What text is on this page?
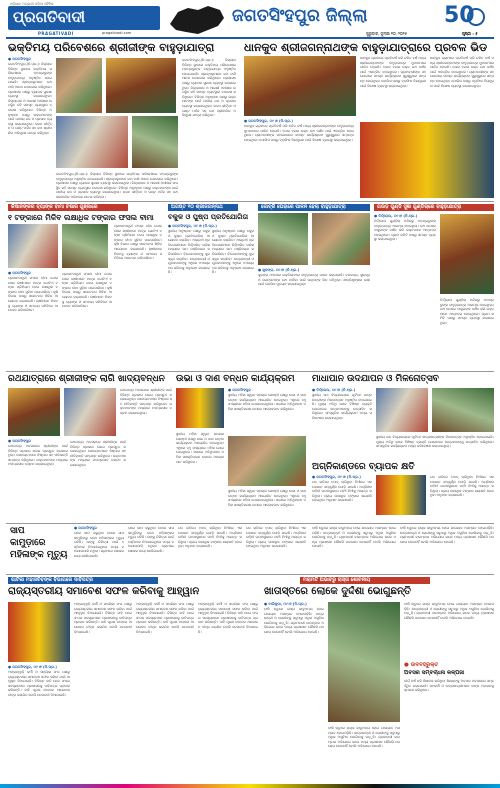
ଓଡ଼ିଶାର ଅଗ୍ରଣୀ ଓଡ଼ିଆ ଦୈନିକ
ପ୍ରଗତିବାଦୀ
PRAGATIVADI	pragativadi.com
ଜଗତସିଂହପୁର ଜିଲ୍ଲା	50
ଗୁରୁବାର, ଜୁଲାଇ ୧୦, ୨୦୨୫	ପୃଷ୍ଠା : ୫
ଭକ୍ତିମୟ ପରିବେଶରେ ଶ୍ରୀଜୀଙ୍କ ବାହୁଡ଼ାଯାତ୍ରା
● ଜଗତସିଂହପୁର
ଜଗତସିଂହପୁର,(ନି.ପ୍ର.): ଜିଲ୍ଲାର ବିଭିନ୍ନ ସ୍ଥାନରେ ଭକ୍ତିମୟ ପରିବେଶରେ ମହାପ୍ରଭୁଙ୍କ ବାହୁଡ଼ାଯାତ୍ରା ଅନୁଷ୍ଠିତ ହୋଇଯାଇଛି। ଶ୍ରଦ୍ଧାଳୁମାନେ ରଥ ଟାଣି ଆନନ୍ଦ ଉପଭୋଗ କରିଥିଲେ। ପ୍ରଶାସନ ପକ୍ଷରୁ ବ୍ୟାପକ ସୁରକ୍ଷା ବ୍ୟବସ୍ଥା କରାଯାଇଥିଲା। ଜିଲ୍ଲାପାଳ ଓ ଆରକ୍ଷୀ ଅଧୀକ୍ଷକ ଉପସ୍ଥିତ ରହି ସମସ୍ତ ବ୍ୟବସ୍ଥାର ତଦାରଖ କରିଥିଲେ। ବିଭିନ୍ନ ଅନୁଷ୍ଠାନ ପକ୍ଷରୁ ଭକ୍ତମାନଙ୍କ ପାଇଁ ପାନୀୟ ଜଳ ଓ ପ୍ରସାଦ ବ୍ୟବସ୍ଥା କରାଯାଇଥିଲା। ଭଜନ କୀର୍ତ୍ତନ ଓ ଘଣ୍ଟ ମର୍ଦ୍ଦଳ ସହ ରଥ ଶ୍ରୀମନ୍ଦିର ଅଭିମୁଖେ ଯାତ୍ରା କରିଥିଲା।
ଜଗତସିଂହପୁର,(ନି.ପ୍ର.): ଜିଲ୍ଲାର ବିଭିନ୍ନ ସ୍ଥାନରେ ଭକ୍ତିମୟ ପରିବେଶରେ ମହାପ୍ରଭୁଙ୍କ ବାହୁଡ଼ାଯାତ୍ରା ଅନୁଷ୍ଠିତ ହୋଇଯାଇଛି। ଶ୍ରଦ୍ଧାଳୁମାନେ ରଥ ଟାଣି ଆନନ୍ଦ ଉପଭୋଗ କରିଥିଲେ। ପ୍ରଶାସନ ପକ୍ଷରୁ ବ୍ୟାପକ ସୁରକ୍ଷା ବ୍ୟବସ୍ଥା କରାଯାଇଥିଲା। ଜିଲ୍ଲାପାଳ ଓ ଆରକ୍ଷୀ ଅଧୀକ୍ଷକ ଉପସ୍ଥିତ ରହି ସମସ୍ତ ବ୍ୟବସ୍ଥାର ତଦାରଖ କରିଥିଲେ। ବିଭିନ୍ନ ଅନୁଷ୍ଠାନ ପକ୍ଷରୁ ଭକ୍ତମାନଙ୍କ ପାଇଁ ପାନୀୟ ଜଳ ଓ ପ୍ରସାଦ ବ୍ୟବସ୍ଥା କରାଯାଇଥିଲା। ଭଜନ କୀର୍ତ୍ତନ ଓ ଘଣ୍ଟ ମର୍ଦ୍ଦଳ ସହ ରଥ ଶ୍ରୀମନ୍ଦିର ଅଭିମୁଖେ ଯାତ୍ରା କରିଥିଲା।
ଜଗତସିଂହପୁର,(ନି.ପ୍ର.): ଜିଲ୍ଲାର ବିଭିନ୍ନ ସ୍ଥାନରେ ଭକ୍ତିମୟ ପରିବେଶରେ ମହାପ୍ରଭୁଙ୍କ ବାହୁଡ଼ାଯାତ୍ରା ଅନୁଷ୍ଠିତ ହୋଇଯାଇଛି। ଶ୍ରଦ୍ଧାଳୁମାନେ ରଥ ଟାଣି ଆନନ୍ଦ ଉପଭୋଗ କରିଥିଲେ। ପ୍ରଶାସନ ପକ୍ଷରୁ ବ୍ୟାପକ ସୁରକ୍ଷା ବ୍ୟବସ୍ଥା କରାଯାଇଥିଲା। ଜିଲ୍ଲାପାଳ ଓ ଆରକ୍ଷୀ ଅଧୀକ୍ଷକ ଉପସ୍ଥିତ ରହି ସମସ୍ତ ବ୍ୟବସ୍ଥାର ତଦାରଖ କରିଥିଲେ। ବିଭିନ୍ନ ଅନୁଷ୍ଠାନ ପକ୍ଷରୁ ଭକ୍ତମାନଙ୍କ ପାଇଁ ପାନୀୟ ଜଳ ଓ ପ୍ରସାଦ ବ୍ୟବସ୍ଥା କରାଯାଇଥିଲା। ଭଜନ କୀର୍ତ୍ତନ ଓ ଘଣ୍ଟ ମର୍ଦ୍ଦଳ ସହ ରଥ ଶ୍ରୀମନ୍ଦିର ଅଭିମୁଖେ ଯାତ୍ରା କରିଥିଲା।
ଧାନକୁଦ ଶ୍ରୀଜଗନ୍ନାଥଙ୍କ ବାହୁଡ଼ାଯାତ୍ରାରେ ପ୍ରବଳ ଭିଡ
ଧାନକୁଦ ଗ୍ରାମରେ ପ୍ରତିବର୍ଷ ପରି ଚଳିତ ବର୍ଷ ମଧ୍ୟ ଶ୍ରୀଜଗନ୍ନାଥଙ୍କ ବାହୁଡ଼ାଯାତ୍ରା ଧୁମଧାମରେ ପାଳିତ ହୋଇଛି। ହଜାର ହଜାର ଭକ୍ତ ରଥ ଦର୍ଶନ ପାଇଁ ଏକତ୍ରିତ ହୋଇଥିଲେ। ଗ୍ରାମବାସୀଙ୍କ ସହଯୋଗରେ ସମସ୍ତ କାର୍ଯ୍ୟକ୍ରମ ସୁରୁଖୁରୁରେ ସମ୍ପନ୍ନ ହୋଇଥିଲା। ପୋଲିସ ପକ୍ଷରୁ ଟ୍ରାଫିକ ନିୟନ୍ତ୍ରଣ ପାଇଁ ବିଶେଷ ବ୍ୟବସ୍ଥା କରାଯାଇଥିଲା।
ଧାନକୁଦ ଗ୍ରାମରେ ପ୍ରତିବର୍ଷ ପରି ଚଳିତ ବର୍ଷ ମଧ୍ୟ ଶ୍ରୀଜଗନ୍ନାଥଙ୍କ ବାହୁଡ଼ାଯାତ୍ରା ଧୁମଧାମରେ ପାଳିତ ହୋଇଛି। ହଜାର ହଜାର ଭକ୍ତ ରଥ ଦର୍ଶନ ପାଇଁ ଏକତ୍ରିତ ହୋଇଥିଲେ। ଗ୍ରାମବାସୀଙ୍କ ସହଯୋଗରେ ସମସ୍ତ କାର୍ଯ୍ୟକ୍ରମ ସୁରୁଖୁରୁରେ ସମ୍ପନ୍ନ ହୋଇଥିଲା। ପୋଲିସ ପକ୍ଷରୁ ଟ୍ରାଫିକ ନିୟନ୍ତ୍ରଣ ପାଇଁ ବିଶେଷ ବ୍ୟବସ୍ଥା କରାଯାଇଥିଲା।
● ଜଗତସିଂହପୁର, ୦୯।୭ (ନି.ପ୍ର.)
ଧାନକୁଦ ଗ୍ରାମରେ ପ୍ରତିବର୍ଷ ପରି ଚଳିତ ବର୍ଷ ମଧ୍ୟ ଶ୍ରୀଜଗନ୍ନାଥଙ୍କ ବାହୁଡ଼ାଯାତ୍ରା ଧୁମଧାମରେ ପାଳିତ ହୋଇଛି। ହଜାର ହଜାର ଭକ୍ତ ରଥ ଦର୍ଶନ ପାଇଁ ଏକତ୍ରିତ ହୋଇଥିଲେ। ଗ୍ରାମବାସୀଙ୍କ ସହଯୋଗରେ ସମସ୍ତ କାର୍ଯ୍ୟକ୍ରମ ସୁରୁଖୁରୁରେ ସମ୍ପନ୍ନ ହୋଇଥିଲା। ପୋଲିସ ପକ୍ଷରୁ ଟ୍ରାଫିକ ନିୟନ୍ତ୍ରଣ ପାଇଁ ବିଶେଷ ବ୍ୟବସ୍ଥା କରାଯାଇଥିଲା।
କିଷାନଙ୍କର ବ୍ୟାଙ୍କ ବାମା ଚଷାର ଗୁଞ୍ଜାରେ
୧ ଟଙ୍କାରେ ମିଳିବ ଲକ୍ଷାଧିକ ଟଙ୍କାର ଫସଲ ବୀମା
● ଜଗତସିଂହପୁର
ପ୍ରଧାନମନ୍ତ୍ରୀ ଫସଲ ବୀମା ଯୋଜନାରେ ଚାଷୀମାନେ ମାତ୍ର ଗୋଟିଏ ଟଙ୍କା ପ୍ରିମିୟମ ଦେଇ ଲକ୍ଷାଧିକ ଟଙ୍କାର ବୀମା ସୁବିଧା ପାଇପାରିବେ। କୃଷି ବିଭାଗ ପକ୍ଷରୁ ସଚେତନତା ଶିବିର ଆୟୋଜନ କରାଯାଉଛି। ଚାଷୀମାନେ ନିକଟସ୍ଥ ବ୍ୟାଙ୍କ ଓ ସମବାୟ ସମିତିରେ ଆବେଦନ କରିପାରିବେ।
ପ୍ରଧାନମନ୍ତ୍ରୀ ଫସଲ ବୀମା ଯୋଜନାରେ ଚାଷୀମାନେ ମାତ୍ର ଗୋଟିଏ ଟଙ୍କା ପ୍ରିମିୟମ ଦେଇ ଲକ୍ଷାଧିକ ଟଙ୍କାର ବୀମା ସୁବିଧା ପାଇପାରିବେ। କୃଷି ବିଭାଗ ପକ୍ଷରୁ ସଚେତନତା ଶିବିର ଆୟୋଜନ କରାଯାଉଛି। ଚାଷୀମାନେ ନିକଟସ୍ଥ ବ୍ୟାଙ୍କ ଓ ସମବାୟ ସମିତିରେ ଆବେଦନ କରିପାରିବେ।
ପ୍ରଧାନମନ୍ତ୍ରୀ ଫସଲ ବୀମା ଯୋଜନାରେ ଚାଷୀମାନେ ମାତ୍ର ଗୋଟିଏ ଟଙ୍କା ପ୍ରିମିୟମ ଦେଇ ଲକ୍ଷାଧିକ ଟଙ୍କାର ବୀମା ସୁବିଧା ପାଇପାରିବେ। କୃଷି ବିଭାଗ ପକ୍ଷରୁ ସଚେତନତା ଶିବିର ଆୟୋଜନ କରାଯାଉଛି। ଚାଷୀମାନେ ନିକଟସ୍ଥ ବ୍ୟାଙ୍କ ଓ ସମବାୟ ସମିତିରେ ଆବେଦନ କରିପାରିବେ।
ଅଗଷ୍ଟ ୧୦ ଶ୍ରୀଜଗନ୍ନାଥ
ବକୁଳ ଓ ପୁଷ୍ପ ପ୍ରତିଯୋଗିତା
● ଜଗତସିଂହପୁର, ୦୯।୭ (ନି.ପ୍ର.)
ସ୍ଥାନୀୟ ଅନୁଷ୍ଠାନ ପକ୍ଷରୁ ବକୁଳ ଓ ପୁଷ୍ପ ପ୍ରତିଯୋଗିତା ଆୟୋଜନ କରାଯିବ। ଆଗ୍ରହୀ ପ୍ରତିଯୋଗୀମାନେ ନିର୍ଦ୍ଧାରିତ ତାରିଖ ମଧ୍ୟରେ ନାମ ପଞ୍ଜିକରଣ କରିପାରିବେ। ବିଜେତାମାନଙ୍କୁ ପୁରସ୍କୃତ କରାଯିବ। ଛାତ୍ରଛାତ୍ରୀ ଓ ଯୁବକମାନଙ୍କୁ ଏଥିରେ ଅଂଶଗ୍ରହଣ କରିବାକୁ ଅନୁରୋଧ କରାଯାଇଛି।
ସ୍ଥାନୀୟ ଅନୁଷ୍ଠାନ ପକ୍ଷରୁ ବକୁଳ ଓ ପୁଷ୍ପ ପ୍ରତିଯୋଗିତା ଆୟୋଜନ କରାଯିବ। ଆଗ୍ରହୀ ପ୍ରତିଯୋଗୀମାନେ ନିର୍ଦ୍ଧାରିତ ତାରିଖ ମଧ୍ୟରେ ନାମ ପଞ୍ଜିକରଣ କରିପାରିବେ। ବିଜେତାମାନଙ୍କୁ ପୁରସ୍କୃତ କରାଯିବ। ଛାତ୍ରଛାତ୍ରୀ ଓ ଯୁବକମାନଙ୍କୁ ଏଥିରେ ଅଂଶଗ୍ରହଣ କରିବାକୁ ଅନୁରୋଧ କରାଯାଇଛି।
ଜୋବ୍ରି ଘେରାରେ ପାଳନ ହେଲା ବାହୁଡ଼ାଯାତ୍ରା
● କୁଜଙ୍ଗ, ୦୯।୭ (ନି.ପ୍ର.)
କୁଜଙ୍ଗ ଅଞ୍ଚଳରେ ଭକ୍ତିଭାବରେ ବାହୁଡ଼ାଯାତ୍ରା ପାଳନ କରାଯାଇଛି। ବଳଭଦ୍ର, ସୁଭଦ୍ରା ଓ ଜଗନ୍ନାଥଙ୍କ ରଥ ଟାଣିବା ପାଇଁ ଭକ୍ତଙ୍କ ଭିଡ ଜମିଥିଲା। ଶାନ୍ତିଶୃଙ୍ଖଳା ରକ୍ଷା ପାଇଁ ପୋଲିସ ମୁତୟନ କରାଯାଇଥିଲା।
ଗଉଡ଼ ଗୁଣ୍ଡି ସୁଜ୍ଞା ଗୁଣ୍ଡିଚାରେ ବାହୁଡ଼ାଯାତ୍ରା
● ତିର୍ତ୍ତୋଲ, ୦୯।୭ (ନି.ପ୍ର.)
ତିର୍ତ୍ତୋଲ ଗୁଣ୍ଡିଚା ମନ୍ଦିରରୁ ମହାପ୍ରଭୁଙ୍କ ବାହୁଡ଼ାଯାତ୍ରା ଆରମ୍ଭ ହୋଇଥିଲା। ରଥ ଉପରେ ଠାକୁରଙ୍କ ଦର୍ଶନ କରି ଭକ୍ତମାନେ ଆତ୍ମହରା ହୋଇଥିଲେ। ଗ୍ରାମ କମିଟି ପକ୍ଷରୁ ସମସ୍ତ ବ୍ୟବସ୍ଥା କରାଯାଇଥିଲା।
ତିର୍ତ୍ତୋଲ ଗୁଣ୍ଡିଚା ମନ୍ଦିରରୁ ମହାପ୍ରଭୁଙ୍କ ବାହୁଡ଼ାଯାତ୍ରା ଆରମ୍ଭ ହୋଇଥିଲା। ରଥ ଉପରେ ଠାକୁରଙ୍କ ଦର୍ଶନ କରି ଭକ୍ତମାନେ ଆତ୍ମହରା ହୋଇଥିଲେ। ଗ୍ରାମ କମିଟି ପକ୍ଷରୁ ସମସ୍ତ ବ୍ୟବସ୍ଥା କରାଯାଇଥିଲା।
ରଥଯାତ୍ରାରେ ଶ୍ରୀଜୀଙ୍କ ଲାଗି ଖାଦ୍ୟବନ୍ଧନ
● ଜଗତସିଂହପୁର
ରଥଯାତ୍ରା ଅବସରରେ ଶ୍ରୀଜୀଙ୍କ ପାଇଁ ବିଭିନ୍ନ ପ୍ରକାର ଭୋଗ ପ୍ରସ୍ତୁତ କରାଯାଇଥିଲା। ସେବାୟତମାନେ ନିଷ୍ଠାର ସହ ନୀତିକାନ୍ତି ସମ୍ପନ୍ନ କରିଥିଲେ। ଭକ୍ତମାନଙ୍କ ମଧ୍ୟରେ ମହାପ୍ରସାଦ ବଣ୍ଟନ କରାଯାଇଥିଲା।
ରଥଯାତ୍ରା ଅବସରରେ ଶ୍ରୀଜୀଙ୍କ ପାଇଁ ବିଭିନ୍ନ ପ୍ରକାର ଭୋଗ ପ୍ରସ୍ତୁତ କରାଯାଇଥିଲା। ସେବାୟତମାନେ ନିଷ୍ଠାର ସହ ନୀତିକାନ୍ତି ସମ୍ପନ୍ନ କରିଥିଲେ। ଭକ୍ତମାନଙ୍କ ମଧ୍ୟରେ ମହାପ୍ରସାଦ ବଣ୍ଟନ କରାଯାଇଥିଲା।
ରଥଯାତ୍ରା ଅବସରରେ ଶ୍ରୀଜୀଙ୍କ ପାଇଁ ବିଭିନ୍ନ ପ୍ରକାର ଭୋଗ ପ୍ରସ୍ତୁତ କରାଯାଇଥିଲା। ସେବାୟତମାନେ ନିଷ୍ଠାର ସହ ନୀତିକାନ୍ତି ସମ୍ପନ୍ନ କରିଥିଲେ। ଭକ୍ତମାନଙ୍କ ମଧ୍ୟରେ ମହାପ୍ରସାଦ ବଣ୍ଟନ କରାଯାଇଥିଲା।
ଉଭା ଓ ଦାଣ ବନ୍ଧନ କାର୍ଯ୍ୟକ୍ରମ
● ଜଗତସିଂହପୁର
ସ୍ଥାନୀୟ ମହିଳା ସ୍ୱୟଂ ସହାୟକ ଗୋଷ୍ଠୀ ପକ୍ଷରୁ ଉଭା ଓ ଦାଣ ବନ୍ଧନ କାର୍ଯ୍ୟକ୍ରମ ଆୟୋଜିତ ହୋଇଥିଲା। ଏଥିରେ ବହୁ ସଂଖ୍ୟାରେ ମହିଳା ଯୋଗଦେଇଥିଲେ। ସଭାରେ ଅତିଥିମାନେ ମହିଳା ସଶକ୍ତିକରଣ ଉପରେ ଆଲୋକପାତ କରିଥିଲେ।
ସ୍ଥାନୀୟ ମହିଳା ସ୍ୱୟଂ ସହାୟକ ଗୋଷ୍ଠୀ ପକ୍ଷରୁ ଉଭା ଓ ଦାଣ ବନ୍ଧନ କାର୍ଯ୍ୟକ୍ରମ ଆୟୋଜିତ ହୋଇଥିଲା। ଏଥିରେ ବହୁ ସଂଖ୍ୟାରେ ମହିଳା ଯୋଗଦେଇଥିଲେ। ସଭାରେ ଅତିଥିମାନେ ମହିଳା ସଶକ୍ତିକରଣ ଉପରେ ଆଲୋକପାତ କରିଥିଲେ।
ସ୍ଥାନୀୟ ମହିଳା ସ୍ୱୟଂ ସହାୟକ ଗୋଷ୍ଠୀ ପକ୍ଷରୁ ଉଭା ଓ ଦାଣ ବନ୍ଧନ କାର୍ଯ୍ୟକ୍ରମ ଆୟୋଜିତ ହୋଇଥିଲା। ଏଥିରେ ବହୁ ସଂଖ୍ୟାରେ ମହିଳା ଯୋଗଦେଇଥିଲେ। ସଭାରେ ଅତିଥିମାନେ ମହିଳା ସଶକ୍ତିକରଣ ଉପରେ ଆଲୋକପାତ କରିଥିଲେ।
ମାଧାପାନ ଉଦଯାପନ ଓ ମିଳନୋତ୍ସବ
● ତିର୍ତ୍ତୋଲ, ୦୯।୭ (ନି.ପ୍ର.)
ସ୍ଥାନୀୟ ଉଚ୍ଚ ବିଦ୍ୟାଳୟରେ ପୂର୍ବତନ ଛାତ୍ରଛାତ୍ରୀଙ୍କ ମିଳନୋତ୍ସବ ଅନୁଷ୍ଠିତ ହୋଇଯାଇଛି। ମୁଖ୍ୟ ଅତିଥି ଭାବେ ବିଶିଷ୍ଟ ବ୍ୟକ୍ତି ଯୋଗଦେଇ ଛାତ୍ରମାନଙ୍କୁ ଉତ୍ସାହିତ କରିଥିଲେ। ସାଂସ୍କୃତିକ କାର୍ଯ୍ୟକ୍ରମ ମଧ୍ୟ ପରିବେଷଣ କରାଯାଇଥିଲା।
ସ୍ଥାନୀୟ ଉଚ୍ଚ ବିଦ୍ୟାଳୟରେ ପୂର୍ବତନ ଛାତ୍ରଛାତ୍ରୀଙ୍କ ମିଳନୋତ୍ସବ ଅନୁଷ୍ଠିତ ହୋଇଯାଇଛି। ମୁଖ୍ୟ ଅତିଥି ଭାବେ ବିଶିଷ୍ଟ ବ୍ୟକ୍ତି ଯୋଗଦେଇ ଛାତ୍ରମାନଙ୍କୁ ଉତ୍ସାହିତ କରିଥିଲେ। ସାଂସ୍କୃତିକ କାର୍ଯ୍ୟକ୍ରମ ମଧ୍ୟ ପରିବେଷଣ କରାଯାଇଥିଲା।
ଅଗ୍ନିକାଣ୍ଡରେ ବ୍ୟାପକ କ୍ଷତି
● ଜଗତସିଂହପୁର, ୦୯।୭ (ନି.ପ୍ର.)
ଗତ ରାତିରେ ହଠାତ୍ ଲାଗିଥିବା ନିଆଁରେ ଏକ ଦୋକାନ ସମ୍ପୂର୍ଣ୍ଣ ପୋଡ଼ି ଯାଇଛି। ଅଗ୍ନିଶମ ବାହିନୀ ଘଟଣାସ୍ଥଳରେ ପହଞ୍ଚି ନିଆଁକୁ ଆୟତ୍ତ କରିଥିଲା। ପ୍ରାୟ ଲକ୍ଷାଧିକ ଟଙ୍କାର କ୍ଷୟକ୍ଷତି ହୋଇଥିବା ଅନୁମାନ କରାଯାଉଛି।
ଗତ ରାତିରେ ହଠାତ୍ ଲାଗିଥିବା ନିଆଁରେ ଏକ ଦୋକାନ ସମ୍ପୂର୍ଣ୍ଣ ପୋଡ଼ି ଯାଇଛି। ଅଗ୍ନିଶମ ବାହିନୀ ଘଟଣାସ୍ଥଳରେ ପହଞ୍ଚି ନିଆଁକୁ ଆୟତ୍ତ କରିଥିଲା। ପ୍ରାୟ ଲକ୍ଷାଧିକ ଟଙ୍କାର କ୍ଷୟକ୍ଷତି ହୋଇଥିବା ଅନୁମାନ କରାଯାଉଛି।
ସାପ
କାମୁଡ଼ାରେ
ମହିଳାଙ୍କ ମୃତ୍ୟୁ
● ଜଗତସିଂହପୁର
ଘରେ କାମ କରୁଥିବା ବେଳେ ସାପ କାମୁଡ଼ିବାରୁ ଜଣେ ମହିଳାଙ୍କର ମୃତ୍ୟୁ ଘଟିଛି। ତାଙ୍କୁ ଚିକିତ୍ସା ପାଇଁ ହସ୍ପିଟାଲ ନିଆଯାଇଥିଲେ ମଧ୍ୟ ବଞ୍ଚାଯାଇପାରି ନଥିଲା। ଗ୍ରାମରେ ଶୋକର ଛାୟା ଖେଳିଯାଇଛି।
ଘରେ କାମ କରୁଥିବା ବେଳେ ସାପ କାମୁଡ଼ିବାରୁ ଜଣେ ମହିଳାଙ୍କର ମୃତ୍ୟୁ ଘଟିଛି। ତାଙ୍କୁ ଚିକିତ୍ସା ପାଇଁ ହସ୍ପିଟାଲ ନିଆଯାଇଥିଲେ ମଧ୍ୟ ବଞ୍ଚାଯାଇପାରି ନଥିଲା। ଗ୍ରାମରେ ଶୋକର ଛାୟା ଖେଳିଯାଇଛି।
ଗତ ରାତିରେ ହଠାତ୍ ଲାଗିଥିବା ନିଆଁରେ ଏକ ଦୋକାନ ସମ୍ପୂର୍ଣ୍ଣ ପୋଡ଼ି ଯାଇଛି। ଅଗ୍ନିଶମ ବାହିନୀ ଘଟଣାସ୍ଥଳରେ ପହଞ୍ଚି ନିଆଁକୁ ଆୟତ୍ତ କରିଥିଲା। ପ୍ରାୟ ଲକ୍ଷାଧିକ ଟଙ୍କାର କ୍ଷୟକ୍ଷତି ହୋଇଥିବା ଅନୁମାନ କରାଯାଉଛି।
ଗତ ରାତିରେ ହଠାତ୍ ଲାଗିଥିବା ନିଆଁରେ ଏକ ଦୋକାନ ସମ୍ପୂର୍ଣ୍ଣ ପୋଡ଼ି ଯାଇଛି। ଅଗ୍ନିଶମ ବାହିନୀ ଘଟଣାସ୍ଥଳରେ ପହଞ୍ଚି ନିଆଁକୁ ଆୟତ୍ତ କରିଥିଲା। ପ୍ରାୟ ଲକ୍ଷାଧିକ ଟଙ୍କାର କ୍ଷୟକ୍ଷତି ହୋଇଥିବା ଅନୁମାନ କରାଯାଉଛି।
ବର୍ଷା ଋତୁରେ ରାସ୍ତା କାଦୁଅମୟ ହୋଇ ଯାତାୟାତ ଅସମ୍ଭବ ହୋଇପଡ଼ିଛି। ଛାତ୍ରଛାତ୍ରୀ ଓ ରୋଗୀଙ୍କୁ ସବୁଠାରୁ ଅଧିକ ଅସୁବିଧା ଭୋଗିବାକୁ ପଡ଼ୁଛି। ଗ୍ରାମବାସୀ ବାରମ୍ବାର ଅଭିଯୋଗ କଲେ ମଧ୍ୟ ପ୍ରଶାସନ କୌଣସି ପଦକ୍ଷେପ ନେଉନାହିଁ ବୋଲି ଅଭିଯୋଗ ହୋଇଛି।
ବର୍ଷା ଋତୁରେ ରାସ୍ତା କାଦୁଅମୟ ହୋଇ ଯାତାୟାତ ଅସମ୍ଭବ ହୋଇପଡ଼ିଛି। ଛାତ୍ରଛାତ୍ରୀ ଓ ରୋଗୀଙ୍କୁ ସବୁଠାରୁ ଅଧିକ ଅସୁବିଧା ଭୋଗିବାକୁ ପଡ଼ୁଛି। ଗ୍ରାମବାସୀ ବାରମ୍ବାର ଅଭିଯୋଗ କଲେ ମଧ୍ୟ ପ୍ରଶାସନ କୌଣସି ପଦକ୍ଷେପ ନେଉନାହିଁ ବୋଲି ଅଭିଯୋଗ ହୋଇଛି।
ପାଟିକା ମହାସଚିବଙ୍କ ବିଭାଗରେ ଦାବିପତ୍ର
ରାଜ୍ୟସ୍ତରୀୟ ସମାବେଶ ସଫଳ କରିବାକୁ ଆହ୍ୱାନ
● ଜଗତସିଂହପୁର, ୦୯।୭ (ନି.ପ୍ର.)
ଅଙ୍ଗନୱାଡ଼ି କର୍ମୀ ଓ ସହାୟିକା ସଂଘ ପକ୍ଷରୁ ରାଜ୍ୟସ୍ତରୀୟ ସମାବେଶ ସଫଳ କରିବା ପାଇଁ ଆହ୍ୱାନ ଦିଆଯାଇଛି। ବିଭିନ୍ନ ଦାବି ନେଇ ସଂଘର ସଦସ୍ୟମାନେ ପ୍ରଶାସନକୁ ଦାବିପତ୍ର ପ୍ରଦାନ କରିଛନ୍ତି। ଦାବି ପୂରଣ ନହେଲେ ଆନ୍ଦୋଳନ ତୀବ୍ର କରାଯିବ ବୋଲି ଚେତାବନୀ ଦିଆଯାଇଛି।
ଅଙ୍ଗନୱାଡ଼ି କର୍ମୀ ଓ ସହାୟିକା ସଂଘ ପକ୍ଷରୁ ରାଜ୍ୟସ୍ତରୀୟ ସମାବେଶ ସଫଳ କରିବା ପାଇଁ ଆହ୍ୱାନ ଦିଆଯାଇଛି। ବିଭିନ୍ନ ଦାବି ନେଇ ସଂଘର ସଦସ୍ୟମାନେ ପ୍ରଶାସନକୁ ଦାବିପତ୍ର ପ୍ରଦାନ କରିଛନ୍ତି। ଦାବି ପୂରଣ ନହେଲେ ଆନ୍ଦୋଳନ ତୀବ୍ର କରାଯିବ ବୋଲି ଚେତାବନୀ ଦିଆଯାଇଛି।
ଅଙ୍ଗନୱାଡ଼ି କର୍ମୀ ଓ ସହାୟିକା ସଂଘ ପକ୍ଷରୁ ରାଜ୍ୟସ୍ତରୀୟ ସମାବେଶ ସଫଳ କରିବା ପାଇଁ ଆହ୍ୱାନ ଦିଆଯାଇଛି। ବିଭିନ୍ନ ଦାବି ନେଇ ସଂଘର ସଦସ୍ୟମାନେ ପ୍ରଶାସନକୁ ଦାବିପତ୍ର ପ୍ରଦାନ କରିଛନ୍ତି। ଦାବି ପୂରଣ ନହେଲେ ଆନ୍ଦୋଳନ ତୀବ୍ର କରାଯିବ ବୋଲି ଚେତାବନୀ ଦିଆଯାଇଛି।
ଅଙ୍ଗନୱାଡ଼ି କର୍ମୀ ଓ ସହାୟିକା ସଂଘ ପକ୍ଷରୁ ରାଜ୍ୟସ୍ତରୀୟ ସମାବେଶ ସଫଳ କରିବା ପାଇଁ ଆହ୍ୱାନ ଦିଆଯାଇଛି। ବିଭିନ୍ନ ଦାବି ନେଇ ସଂଘର ସଦସ୍ୟମାନେ ପ୍ରଶାସନକୁ ଦାବିପତ୍ର ପ୍ରଦାନ କରିଛନ୍ତି। ଦାବି ପୂରଣ ନହେଲେ ଆନ୍ଦୋଳନ ତୀବ୍ର କରାଯିବ ବୋଲି ଚେତାବନୀ ଦିଆଯାଇଛି।
ମରାମତି ଅଭାବରୁ ରାସ୍ତା ଶୋଚନୀୟ
ଖାତାସ୍ତରେ ଲୋକେ ଦୁର୍ଦ୍ଦଶା ଭୋଗୁଛନ୍ତି
● ବାଲିକୁଦା, ୦୯।୭ (ନି.ପ୍ର.)
ବର୍ଷା ଋତୁରେ ରାସ୍ତା କାଦୁଅମୟ ହୋଇ ଯାତାୟାତ ଅସମ୍ଭବ ହୋଇପଡ଼ିଛି। ଛାତ୍ରଛାତ୍ରୀ ଓ ରୋଗୀଙ୍କୁ ସବୁଠାରୁ ଅଧିକ ଅସୁବିଧା ଭୋଗିବାକୁ ପଡ଼ୁଛି। ଗ୍ରାମବାସୀ ବାରମ୍ବାର ଅଭିଯୋଗ କଲେ ମଧ୍ୟ ପ୍ରଶାସନ କୌଣସି ପଦକ୍ଷେପ ନେଉନାହିଁ ବୋଲି ଅଭିଯୋଗ ହୋଇଛି।
ବର୍ଷା ଋତୁରେ ରାସ୍ତା କାଦୁଅମୟ ହୋଇ ଯାତାୟାତ ଅସମ୍ଭବ ହୋଇପଡ଼ିଛି। ଛାତ୍ରଛାତ୍ରୀ ଓ ରୋଗୀଙ୍କୁ ସବୁଠାରୁ ଅଧିକ ଅସୁବିଧା ଭୋଗିବାକୁ ପଡ଼ୁଛି। ଗ୍ରାମବାସୀ ବାରମ୍ବାର ଅଭିଯୋଗ କଲେ ମଧ୍ୟ ପ୍ରଶାସନ କୌଣସି ପଦକ୍ଷେପ ନେଉନାହିଁ ବୋଲି ଅଭିଯୋଗ ହୋଇଛି।
ବର୍ଷା ଋତୁରେ ରାସ୍ତା କାଦୁଅମୟ ହୋଇ ଯାତାୟାତ ଅସମ୍ଭବ ହୋଇପଡ଼ିଛି। ଛାତ୍ରଛାତ୍ରୀ ଓ ରୋଗୀଙ୍କୁ ସବୁଠାରୁ ଅଧିକ ଅସୁବିଧା ଭୋଗିବାକୁ ପଡ଼ୁଛି। ଗ୍ରାମବାସୀ ବାରମ୍ବାର ଅଭିଯୋଗ କଲେ ମଧ୍ୟ ପ୍ରଶାସନ କୌଣସି ପଦକ୍ଷେପ ନେଉନାହିଁ ବୋଲି ଅଭିଯୋଗ ହୋଇଛି।
● ଉଦବହିରୁକ୍ତ
ଅବସର ସମ୍ବର୍ଦ୍ଧନା କଳ୍ପଜା
ଦୀର୍ଘ ବର୍ଷ ଧରି ଶିକ୍ଷକତା କରିଥିବା ଶିକ୍ଷକଙ୍କୁ ଅବସର ଅବସରରେ ସମ୍ବର୍ଦ୍ଧିତ କରାଯାଇଛି। ସହକର୍ମୀ ଓ ଛାତ୍ରଛାତ୍ରୀମାନେ ତାଙ୍କ ଅବଦାନକୁ ସ୍ମରଣ କରିଥିଲେ।
